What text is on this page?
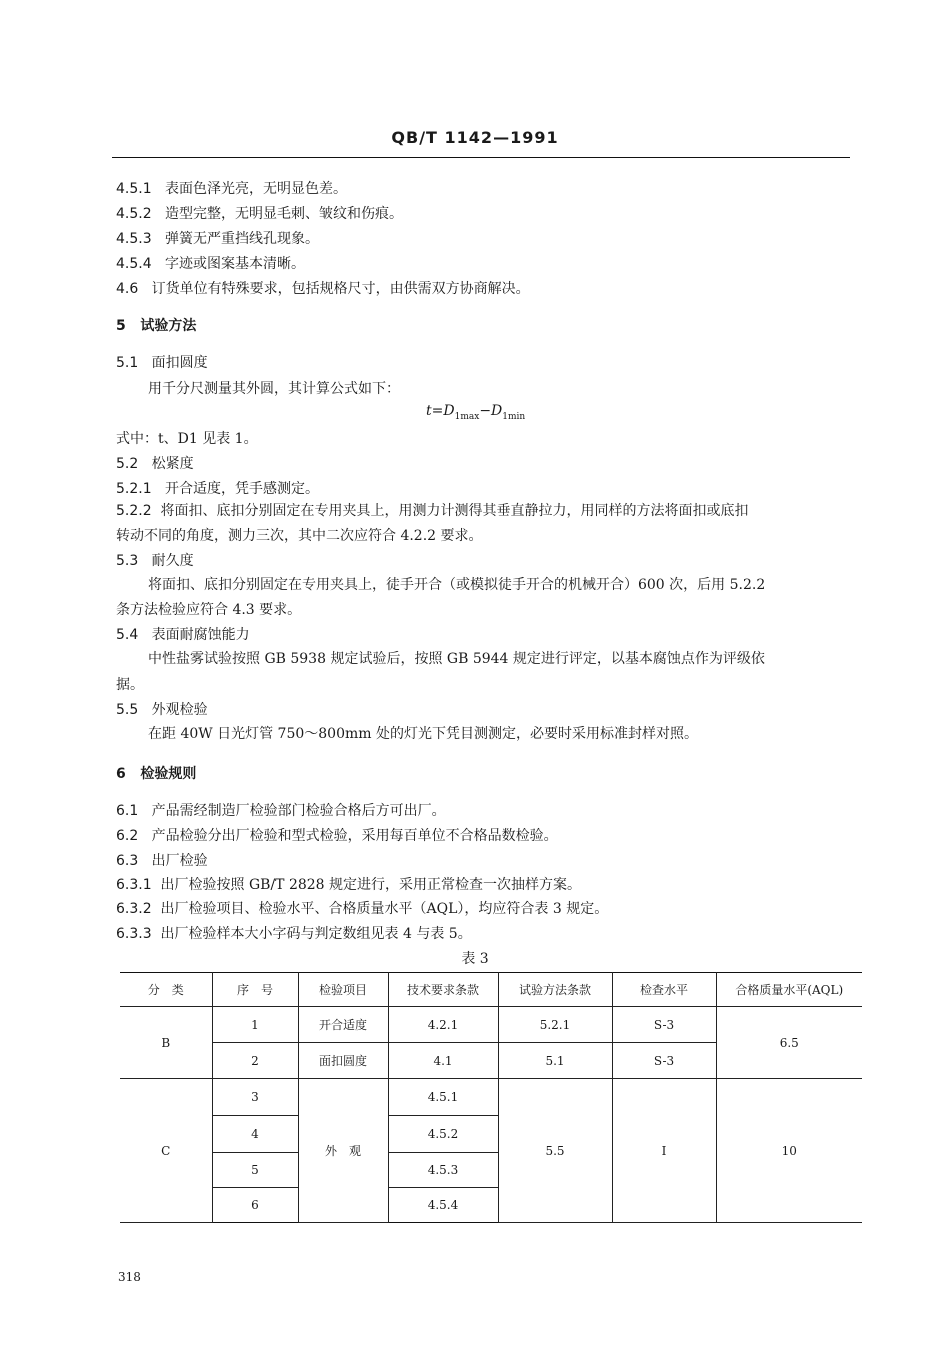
QB/T 1142—1991
4.5.1 表面色泽光亮，无明显色差。
4.5.2 造型完整，无明显毛刺、皱纹和伤痕。
4.5.3 弹簧无严重挡线孔现象。
4.5.4 字迹或图案基本清晰。
4.6 订货单位有特殊要求，包括规格尺寸，由供需双方协商解决。
5 试验方法
5.1 面扣圆度
用千分尺测量其外圆，其计算公式如下：
$t=D_{1max}-D_{1min}$
式中：t、D1 见表 1。
5.2 松紧度
5.2.1 开合适度，凭手感测定。
5.2.2 将面扣、底扣分别固定在专用夹具上，用测力计测得其垂直静拉力，用同样的方法将面扣或底扣
转动不同的角度，测力三次，其中二次应符合 4.2.2 要求。
5.3 耐久度
将面扣、底扣分别固定在专用夹具上，徒手开合（或模拟徒手开合的机械开合）600 次，后用 5.2.2
条方法检验应符合 4.3 要求。
5.4 表面耐腐蚀能力
中性盐雾试验按照 GB 5938 规定试验后，按照 GB 5944 规定进行评定，以基本腐蚀点作为评级依
据。
5.5 外观检验
在距 40W 日光灯管 750～800mm 处的灯光下凭目测测定，必要时采用标准封样对照。
6 检验规则
6.1 产品需经制造厂检验部门检验合格后方可出厂。
6.2 产品检验分出厂检验和型式检验，采用每百单位不合格品数检验。
6.3 出厂检验
6.3.1 出厂检验按照 GB/T 2828 规定进行，采用正常检查一次抽样方案。
6.3.2 出厂检验项目、检验水平、合格质量水平（AQL），均应符合表 3 规定。
6.3.3 出厂检验样本大小字码与判定数组见表 4 与表 5。
表 3
分　类	序　号	检验项目	技术要求条款	试验方法条款	检查水平	合格质量水平(AQL)
B	1	开合适度	4.2.1	5.2.1	S-3	6.5
	2	面扣圆度	4.1	5.1	S-3	
C	3	外　观	4.5.1	5.5	I	10
	4		4.5.2			
	5		4.5.3			
	6		4.5.4			
318
